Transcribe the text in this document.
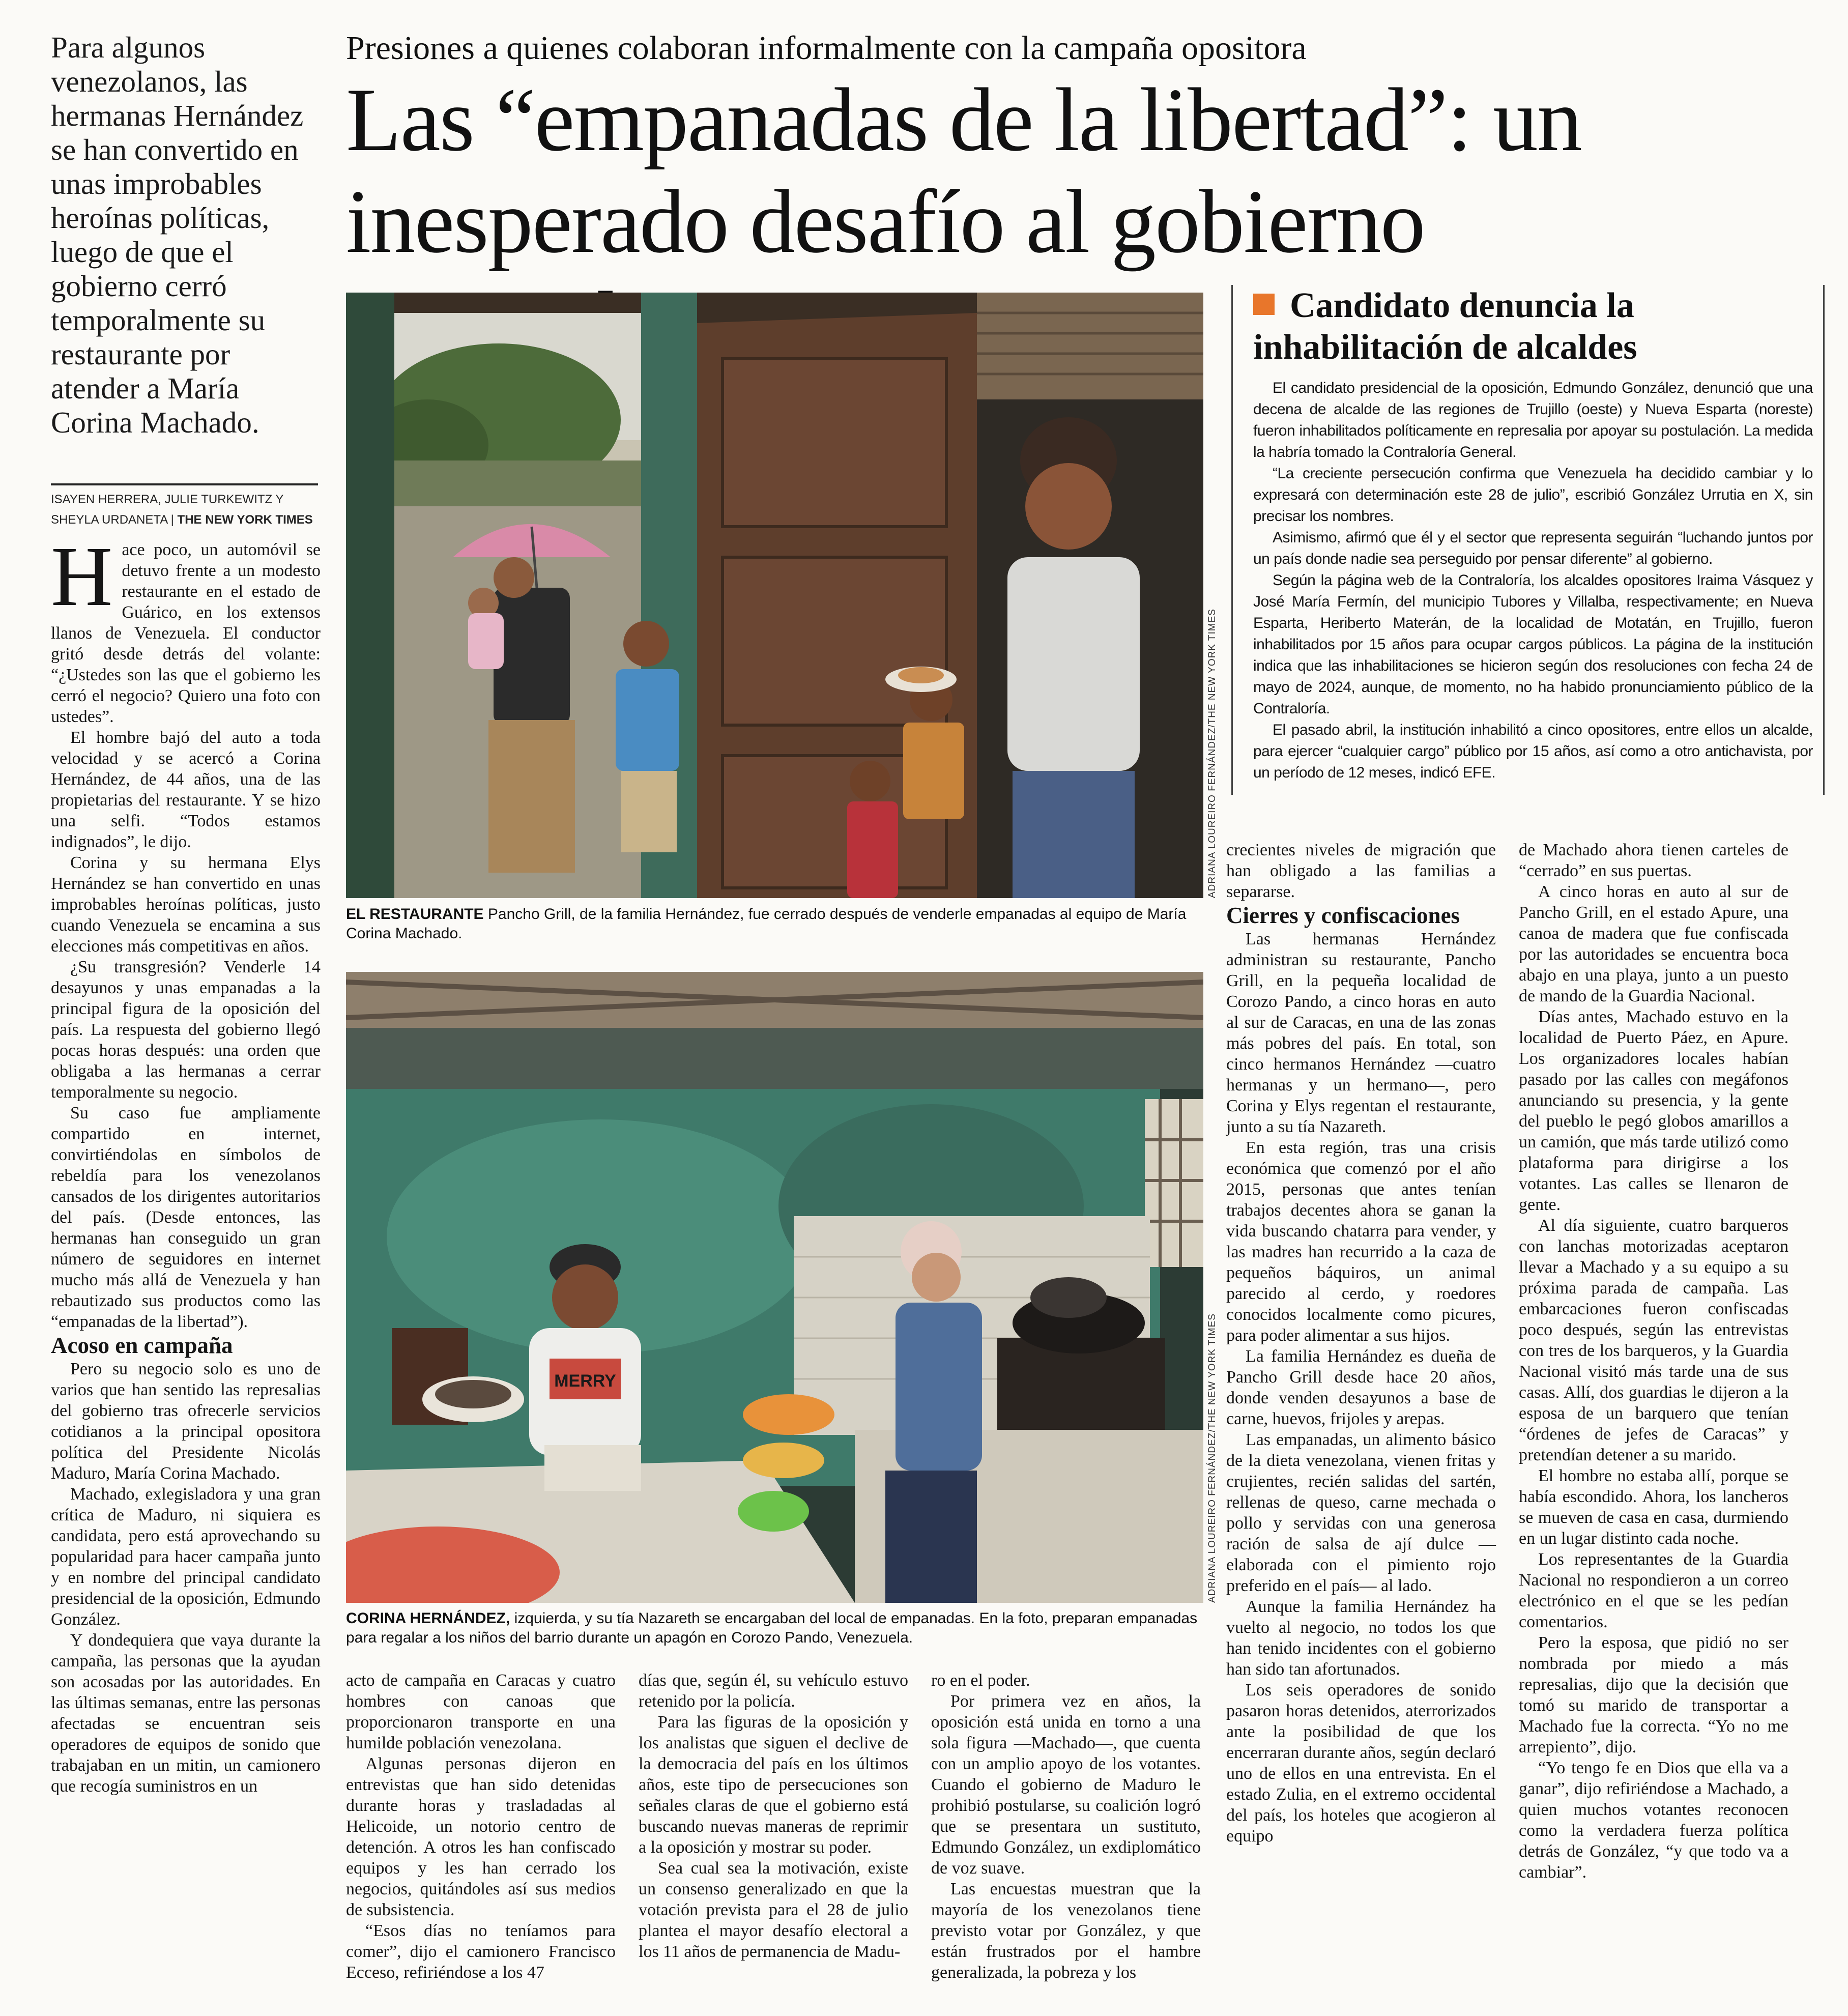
Para algunos venezolanos, las hermanas Hernández se han convertido en unas improbables heroínas políticas, luego de que el gobierno cerró temporalmente su restaurante por atender a María Corina Machado.
ISAYEN HERRERA, JULIE TURKEWITZ Y SHEYLA URDANETA | THE NEW YORK TIMES
Presiones a quienes colaboran informalmente con la campaña opositora
Las “empanadas de la libertad”: un inesperado desafío al gobierno

Hace poco, un automóvil se detuvo frente a un modesto restaurante en el estado de Guárico, en los extensos llanos de Venezuela. El conductor gritó desde detrás del volante: “¿Ustedes son las que el gobierno les cerró el negocio? Quiero una foto con ustedes”.

El hombre bajó del auto a toda velocidad y se acercó a Corina Hernández, de 44 años, una de las propietarias del restaurante. Y se hizo una selfi. “Todos estamos indignados”, le dijo.

Corina y su hermana Elys Hernández se han convertido en unas improbables heroínas políticas, justo cuando Venezuela se encamina a sus elecciones más competitivas en años.

¿Su transgresión? Venderle 14 desayunos y unas empanadas a la principal figura de la oposición del país. La respuesta del gobierno llegó pocas horas después: una orden que obligaba a las hermanas a cerrar temporalmente su negocio.

Su caso fue ampliamente compartido en internet, convirtiéndolas en símbolos de rebeldía para los venezolanos cansados de los dirigentes autoritarios del país. (Desde entonces, las hermanas han conseguido un gran número de seguidores en internet mucho más allá de Venezuela y han rebautizado sus productos como las “empanadas de la libertad”).

Acoso en campaña

Pero su negocio solo es uno de varios que han sentido las represalias del gobierno tras ofrecerle servicios cotidianos a la principal opositora política del Presidente Nicolás Maduro, María Corina Machado.

Machado, exlegisladora y una gran crítica de Maduro, ni siquiera es candidata, pero está aprovechando su popularidad para hacer campaña junto y en nombre del principal candidato presidencial de la oposición, Edmundo González.

Y dondequiera que vaya durante la campaña, las personas que la ayudan son acosadas por las autoridades. En las últimas semanas, entre las personas afectadas se encuentran seis operadores de equipos de sonido que trabajaban en un mitin, un camionero que recogía suministros en un

ADRIANA LOUREIRO FERNÁNDEZ/THE NEW YORK TIMES
EL RESTAURANTE Pancho Grill, de la familia Hernández, fue cerrado después de venderle empanadas al equipo de María Corina Machado.
MERRY	ADRIANA LOUREIRO FERNÁNDEZ/THE NEW YORK TIMES
CORINA HERNÁNDEZ, izquierda, y su tía Nazareth se encargaban del local de empanadas. En la foto, preparan empanadas para regalar a los niños del barrio durante un apagón en Corozo Pando, Venezuela.
Candidato denuncia la inhabilitación de alcaldes

El candidato presidencial de la oposición, Edmundo González, denunció que una decena de alcalde de las regiones de Trujillo (oeste) y Nueva Esparta (noreste) fueron inhabilitados políticamente en represalia por apoyar su postulación. La medida la habría tomado la Contraloría General.

“La creciente persecución confirma que Venezuela ha decidido cambiar y lo expresará con determinación este 28 de julio”, escribió González Urrutia en X, sin precisar los nombres.

Asimismo, afirmó que él y el sector que representa seguirán “luchando juntos por un país donde nadie sea perseguido por pensar diferente” al gobierno.

Según la página web de la Contraloría, los alcaldes opositores Iraima Vásquez y José María Fermín, del municipio Tubores y Villalba, respectivamente; en Nueva Esparta, Heriberto Materán, de la localidad de Motatán, en Trujillo, fueron inhabilitados por 15 años para ocupar cargos públicos. La página de la institución indica que las inhabilitaciones se hicieron según dos resoluciones con fecha 24 de mayo de 2024, aunque, de momento, no ha habido pronunciamiento público de la Contraloría.

El pasado abril, la institución inhabilitó a cinco opositores, entre ellos un alcalde, para ejercer “cualquier cargo” público por 15 años, así como a otro antichavista, por un período de 12 meses, indicó EFE.

acto de campaña en Caracas y cuatro hombres con canoas que proporcionaron transporte en una humilde población venezolana.

Algunas personas dijeron en entrevistas que han sido detenidas durante horas y trasladadas al Helicoide, un notorio centro de detención. A otros les han confiscado equipos y les han cerrado los negocios, quitándoles así sus medios de subsistencia.

“Esos días no teníamos para comer”, dijo el camionero Francisco Ecceso, refiriéndose a los 47

días que, según él, su vehículo estuvo retenido por la policía.

Para las figuras de la oposición y los analistas que siguen el declive de la democracia del país en los últimos años, este tipo de persecuciones son señales claras de que el gobierno está buscando nuevas maneras de reprimir a la oposición y mostrar su poder.

Sea cual sea la motivación, existe un consenso generalizado en que la votación prevista para el 28 de julio plantea el mayor desafío electoral a los 11 años de permanencia de Madu-

ro en el poder.

Por primera vez en años, la oposición está unida en torno a una sola figura —Machado—, que cuenta con un amplio apoyo de los votantes. Cuando el gobierno de Maduro le prohibió postularse, su coalición logró que se presentara un sustituto, Edmundo González, un exdiplomático de voz suave.

Las encuestas muestran que la mayoría de los venezolanos tiene previsto votar por González, y que están frustrados por el hambre generalizada, la pobreza y los

crecientes niveles de migración que han obligado a las familias a separarse.

Cierres y confiscaciones

Las hermanas Hernández administran su restaurante, Pancho Grill, en la pequeña localidad de Corozo Pando, a cinco horas en auto al sur de Caracas, en una de las zonas más pobres del país. En total, son cinco hermanos Hernández —cuatro hermanas y un hermano—, pero Corina y Elys regentan el restaurante, junto a su tía Nazareth.

En esta región, tras una crisis económica que comenzó por el año 2015, personas que antes tenían trabajos decentes ahora se ganan la vida buscando chatarra para vender, y las madres han recurrido a la caza de pequeños báquiros, un animal parecido al cerdo, y roedores conocidos localmente como picures, para poder alimentar a sus hijos.

La familia Hernández es dueña de Pancho Grill desde hace 20 años, donde venden desayunos a base de carne, huevos, frijoles y arepas.

Las empanadas, un alimento básico de la dieta venezolana, vienen fritas y crujientes, recién salidas del sartén, rellenas de queso, carne mechada o pollo y servidas con una generosa ración de salsa de ají dulce —elaborada con el pimiento rojo preferido en el país— al lado.

Aunque la familia Hernández ha vuelto al negocio, no todos los que han tenido incidentes con el gobierno han sido tan afortunados.

Los seis operadores de sonido pasaron horas detenidos, aterrorizados ante la posibilidad de que los encerraran durante años, según declaró uno de ellos en una entrevista. En el estado Zulia, en el extremo occidental del país, los hoteles que acogieron al equipo

de Machado ahora tienen carteles de “cerrado” en sus puertas.

A cinco horas en auto al sur de Pancho Grill, en el estado Apure, una canoa de madera que fue confiscada por las autoridades se encuentra boca abajo en una playa, junto a un puesto de mando de la Guardia Nacional.

Días antes, Machado estuvo en la localidad de Puerto Páez, en Apure. Los organizadores locales habían pasado por las calles con megáfonos anunciando su presencia, y la gente del pueblo le pegó globos amarillos a un camión, que más tarde utilizó como plataforma para dirigirse a los votantes. Las calles se llenaron de gente.

Al día siguiente, cuatro barqueros con lanchas motorizadas aceptaron llevar a Machado y a su equipo a su próxima parada de campaña. Las embarcaciones fueron confiscadas poco después, según las entrevistas con tres de los barqueros, y la Guardia Nacional visitó más tarde una de sus casas. Allí, dos guardias le dijeron a la esposa de un barquero que tenían “órdenes de jefes de Caracas” y pretendían detener a su marido.

El hombre no estaba allí, porque se había escondido. Ahora, los lancheros se mueven de casa en casa, durmiendo en un lugar distinto cada noche.

Los representantes de la Guardia Nacional no respondieron a un correo electrónico en el que se les pedían comentarios.

Pero la esposa, que pidió no ser nombrada por miedo a más represalias, dijo que la decisión que tomó su marido de transportar a Machado fue la correcta. “Yo no me arrepiento”, dijo.

“Yo tengo fe en Dios que ella va a ganar”, dijo refiriéndose a Machado, a quien muchos votantes reconocen como la verdadera fuerza política detrás de González, “y que todo va a cambiar”.
